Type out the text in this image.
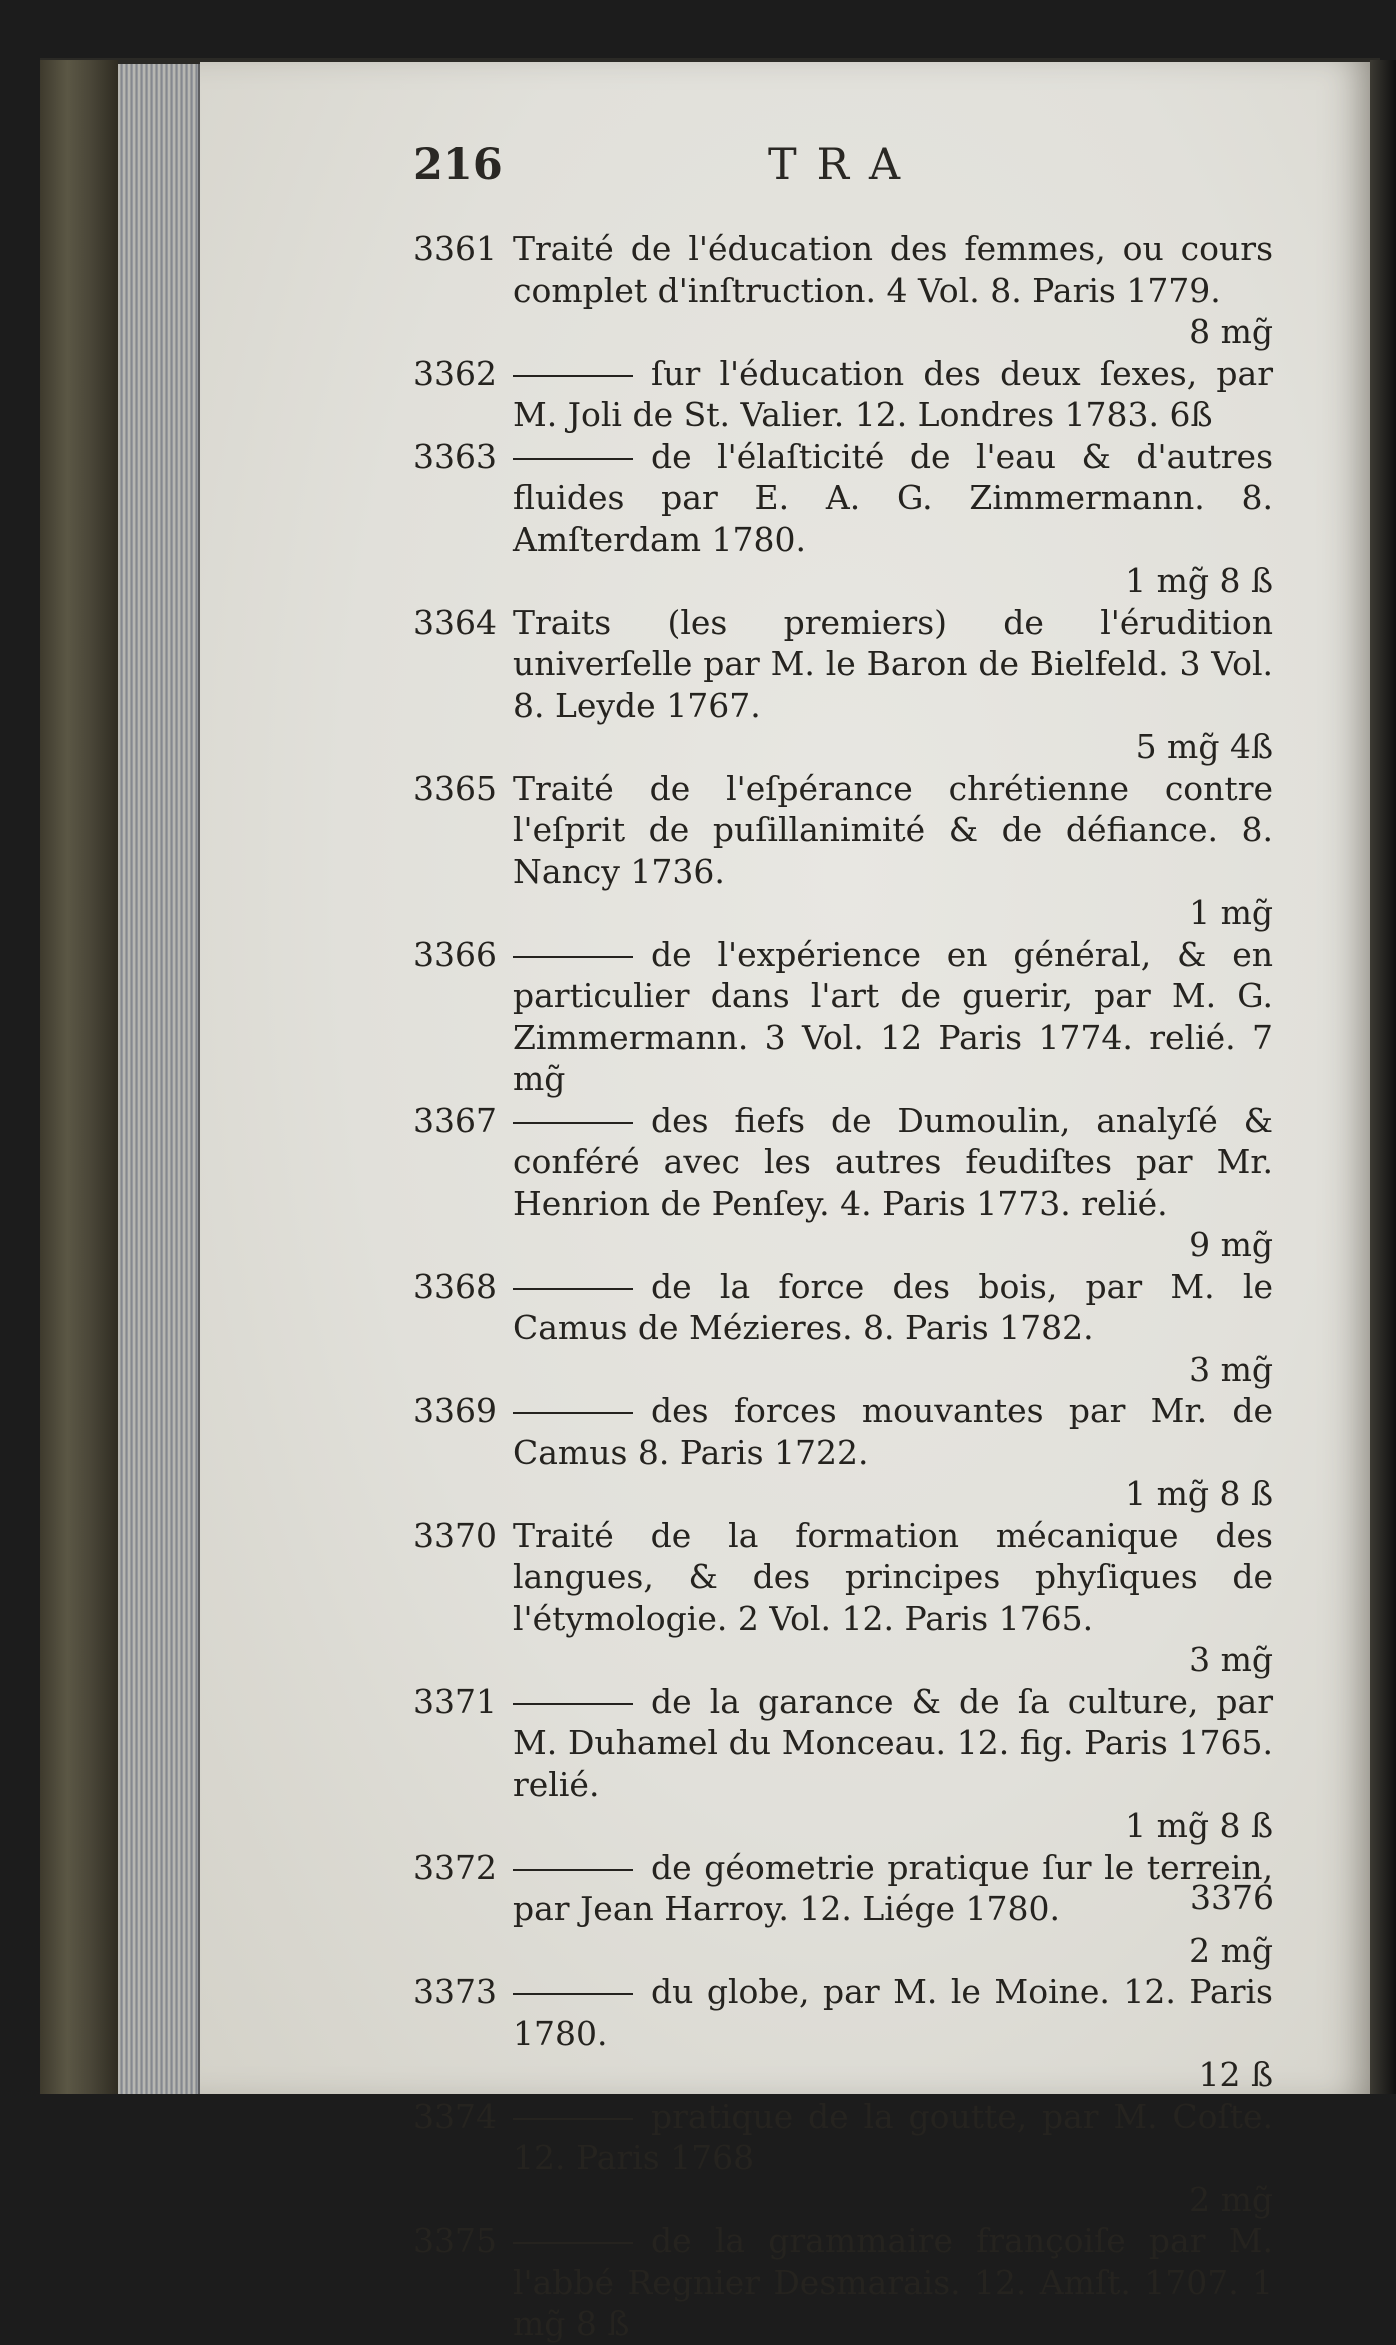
216	TRA
3361 Traité de l'éducation des femmes, ou cours complet d'inſtruction. 4 Vol. 8. Paris 1779.
8 mg̃
3362	ſur l'éducation des deux ſexes, par M. Joli de St. Valier. 12. Londres 1783. 6ß
3363	de l'élaſticité de l'eau & d'autres fluides par E. A. G. Zimmermann. 8. Amſterdam 1780.
1 mg̃ 8 ß
3364 Traits (les premiers) de l'érudition univerſelle par M. le Baron de Bielfeld. 3 Vol. 8. Leyde 1767.
5 mg̃ 4ß
3365 Traité de l'eſpérance chrétienne contre l'eſprit de puſillanimité & de défiance. 8. Nancy 1736.
1 mg̃
3366	de l'expérience en général, & en particulier dans l'art de guerir, par M. G. Zimmermann. 3 Vol. 12 Paris 1774. relié. 7 mg̃
3367	des fiefs de Dumoulin, analyſé & conféré avec les autres feudiſtes par Mr. Henrion de Penſey. 4. Paris 1773. relié.
9 mg̃
3368	de la force des bois, par M. le Camus de Mézieres. 8. Paris 1782.
3 mg̃
3369	des forces mouvantes par Mr. de Camus 8. Paris 1722.
1 mg̃ 8 ß
3370 Traité de la formation mécanique des langues, & des principes phyſiques de l'étymologie. 2 Vol. 12. Paris 1765.
3 mg̃
3371	de la garance & de ſa culture, par M. Duhamel du Monceau. 12. fig. Paris 1765. relié.
1 mg̃ 8 ß
3372	de géometrie pratique ſur le terrein, par Jean Harroy. 12. Liége 1780.
2 mg̃
3373	du globe, par M. le Moine. 12. Paris 1780.
12 ß
3374	pratique de la goutte, par M. Coſte. 12. Paris 1768
2 mg̃
3375	de la grammaire françoiſe par M. l'abbé Regnier Desmarais. 12. Amſt. 1707. 1 mg̃ 8 ß
3376
